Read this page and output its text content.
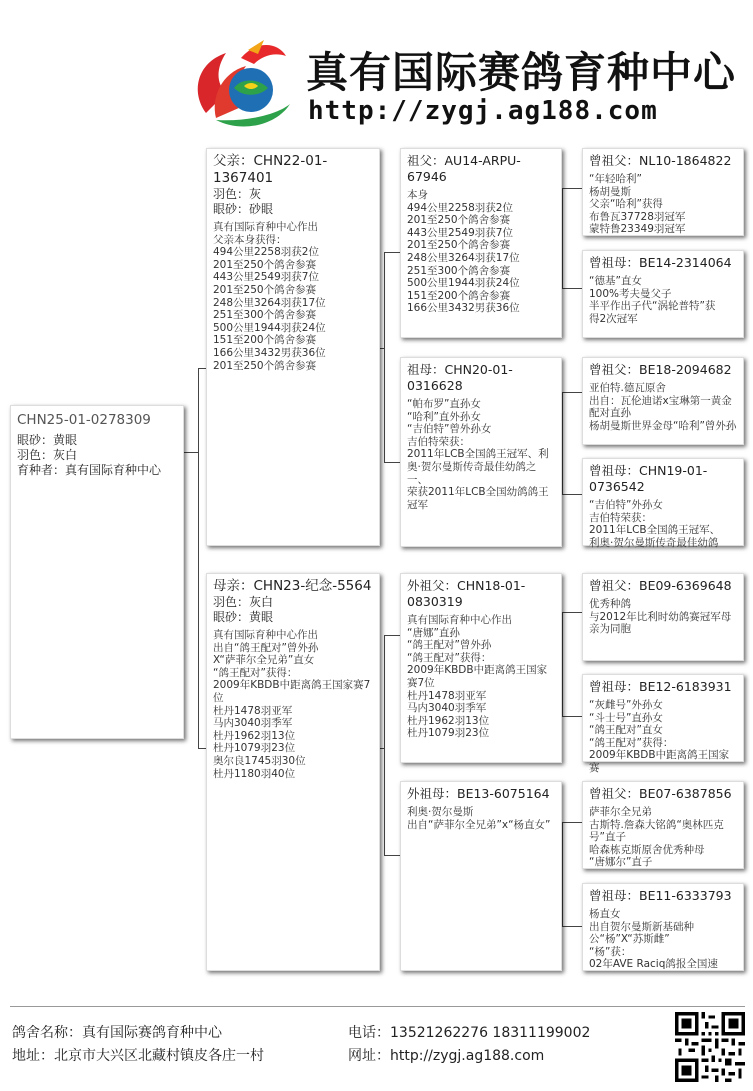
真有国际赛鸽育种中心
http://zygj.ag188.com
CHN25-01-0278309
眼砂：黄眼
羽色：灰白
育种者：真有国际育种中心
父亲：CHN22-01-1367401
羽色：灰
眼砂：砂眼
真有国际育种中心作出
父亲本身获得：
494公里2258羽获2位
201至250个鸽舍参赛
443公里2549羽获7位
201至250个鸽舍参赛
248公里3264羽获17位
251至300个鸽舍参赛
500公里1944羽获24位
151至200个鸽舍参赛
166公里3432男获36位
201至250个鸽舍参赛
母亲：CHN23-纪念-5564
羽色：灰白
眼砂：黄眼
真有国际育种中心作出
出自“鸽王配对”曾外孙
X“萨菲尔全兄弟”直女
“鸽王配对”获得：
2009年KBDB中距离鸽王国家赛7位
杜丹1478羽亚军
马内3040羽季军
杜丹1962羽13位
杜丹1079羽23位
奥尔良1745羽30位
杜丹1180羽40位
祖父：AU14-ARPU-67946
本身
494公里2258羽获2位
201至250个鸽舍参赛
443公里2549羽获7位
201至250个鸽舍参赛
248公里3264羽获17位
251至300个鸽舍参赛
500公里1944羽获24位
151至200个鸽舍参赛
166公里3432男获36位
祖母：CHN20-01-0316628
“帕布罗”直孙女
“哈利”直外孙女
“吉伯特”曾外孙女
吉伯特荣获：
2011年LCB全国鸽王冠军、利奥·贺尔曼斯传奇最佳幼鸽之一、
荣获2011年LCB全国幼鸽鸽王冠军
外祖父：CHN18-01-0830319
真有国际育种中心作出
“唐娜”直孙
“鸽王配对”曾外孙
“鸽王配对”获得：
2009年KBDB中距离鸽王国家赛7位
杜丹1478羽亚军
马内3040羽季军
杜丹1962羽13位
杜丹1079羽23位
外祖母：BE13-6075164
利奥·贺尔曼斯
出自“萨菲尔全兄弟”x“杨直女”
曾祖父：NL10-1864822
“年轻哈利”
杨胡曼斯
父亲“哈利”获得
布鲁瓦37728羽冠军
蒙特鲁23349羽冠军
曾祖母：BE14-2314064
“德基”直女
100%考夫曼父子
半平作出子代“涡轮普特”获
得2次冠军
曾祖父：BE18-2094682
亚伯特.德瓦原舍
出自：瓦伦迪诺x宝琳第一黄金配对直孙
杨胡曼斯世界金母“哈利”曾外孙
曾祖母：CHN19-01-0736542
“吉伯特”外孙女
吉伯特荣获：
2011年LCB全国鸽王冠军、
利奥·贺尔曼斯传奇最佳幼鸽
曾祖父：BE09-6369648
优秀种鸽
与2012年比利时幼鸽赛冠军母亲为同胞
曾祖母：BE12-6183931
“灰雌号”外孙女
“斗士号”直孙女
“鸽王配对”直女
“鸽王配对”获得：
2009年KBDB中距离鸽王国家赛
曾祖父：BE07-6387856
萨菲尔全兄弟
古斯特.詹森大铭鸽“奥林匹克号”直子
哈森栋克斯原舍优秀种母
“唐娜尔”直子
曾祖母：BE11-6333793
杨直女
出自贺尔曼斯新基础种公“杨”X“苏斯雌”
“杨”获：
02年AVE Raciq鸽报全国速
鸽舍名称：真有国际赛鸽育种中心
地址：北京市大兴区北藏村镇皮各庄一村
电话：13521262276 18311199002
网址：http://zygj.ag188.com
